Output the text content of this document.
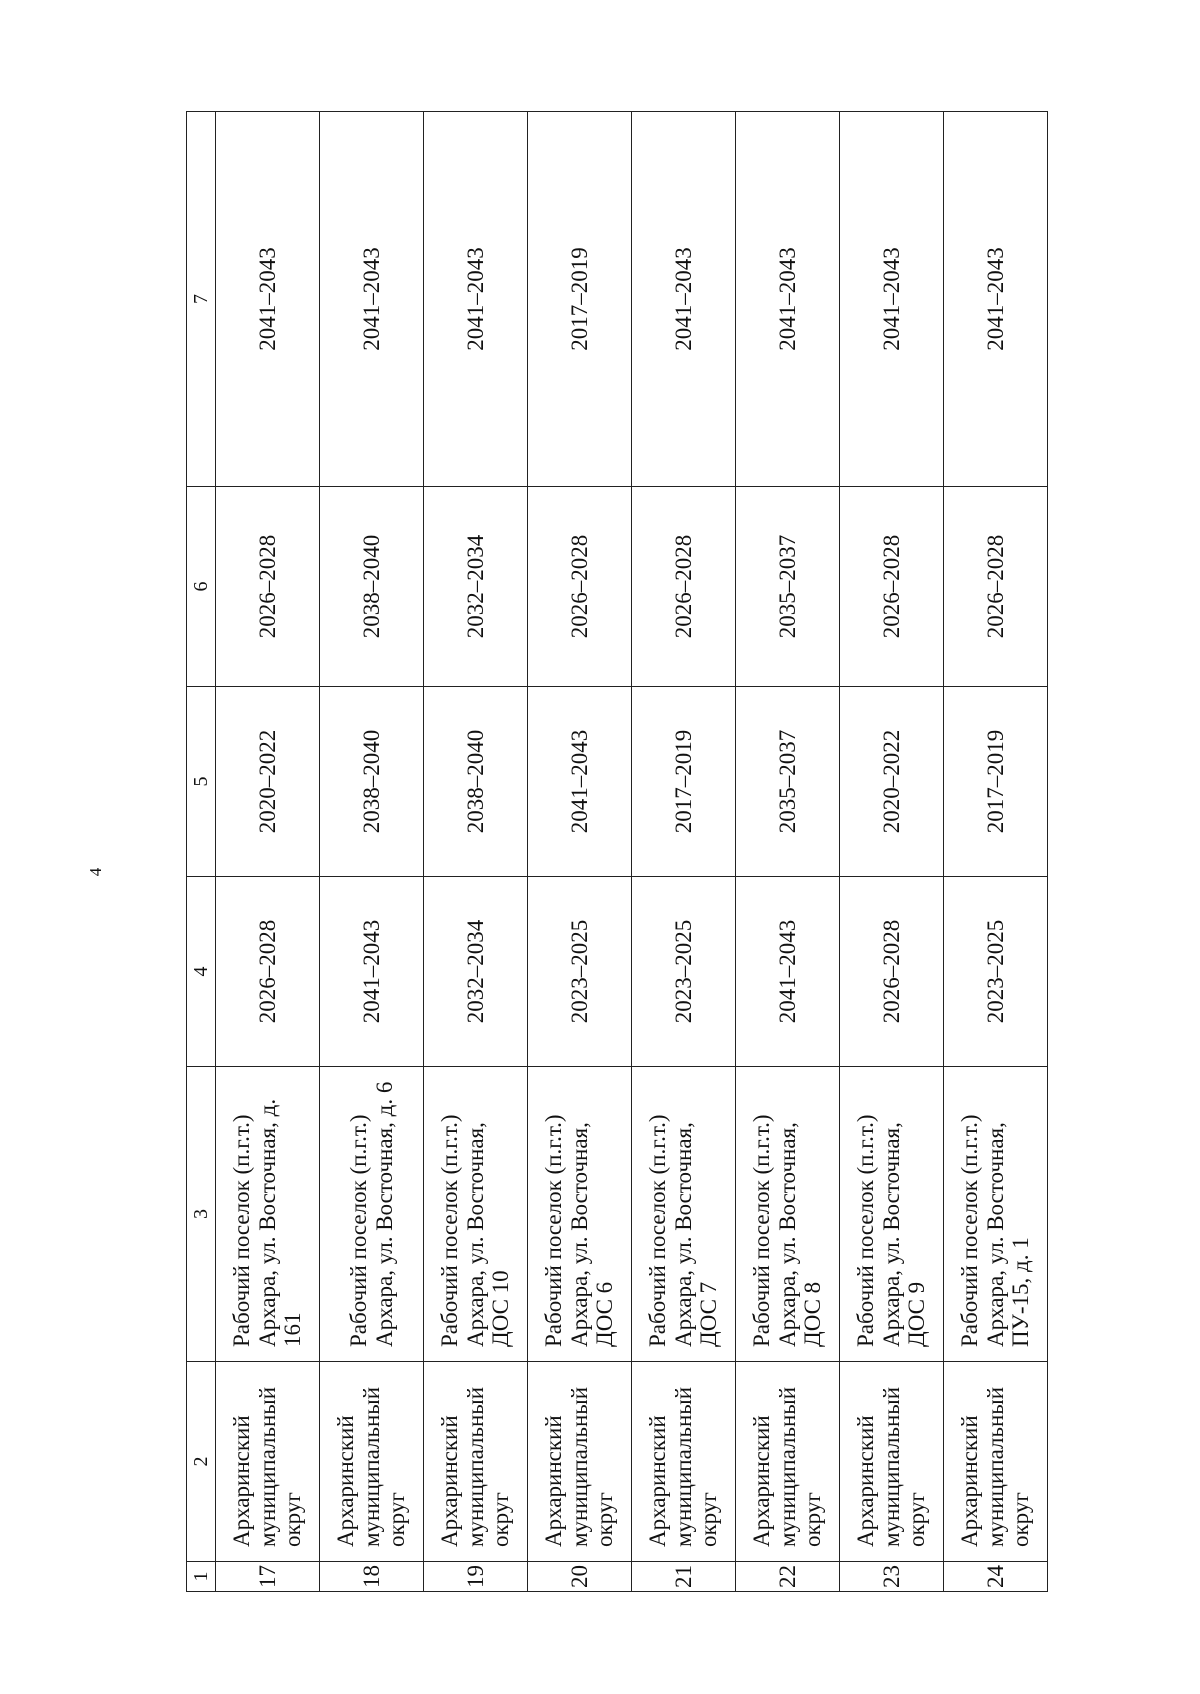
4
1	2	3	4	5	6	7
17	Архаринский муниципальный округ	Рабочий поселок (п.г.т.) Архара, ул. Восточная, д. 161	2026–2028	2020–2022	2026–2028	2041–2043
18	Архаринский муниципальный округ	Рабочий поселок (п.г.т.) Архара, ул. Восточная, д. 6	2041–2043	2038–2040	2038–2040	2041–2043
19	Архаринский муниципальный округ	Рабочий поселок (п.г.т.) Архара, ул. Восточная, ДОС 10	2032–2034	2038–2040	2032–2034	2041–2043
20	Архаринский муниципальный округ	Рабочий поселок (п.г.т.) Архара, ул. Восточная, ДОС 6	2023–2025	2041–2043	2026–2028	2017–2019
21	Архаринский муниципальный округ	Рабочий поселок (п.г.т.) Архара, ул. Восточная, ДОС 7	2023–2025	2017–2019	2026–2028	2041–2043
22	Архаринский муниципальный округ	Рабочий поселок (п.г.т.) Архара, ул. Восточная, ДОС 8	2041–2043	2035–2037	2035–2037	2041–2043
23	Архаринский муниципальный округ	Рабочий поселок (п.г.т.) Архара, ул. Восточная, ДОС 9	2026–2028	2020–2022	2026–2028	2041–2043
24	Архаринский муниципальный округ	Рабочий поселок (п.г.т.) Архара, ул. Восточная, ПУ-15, д. 1	2023–2025	2017–2019	2026–2028	2041–2043
